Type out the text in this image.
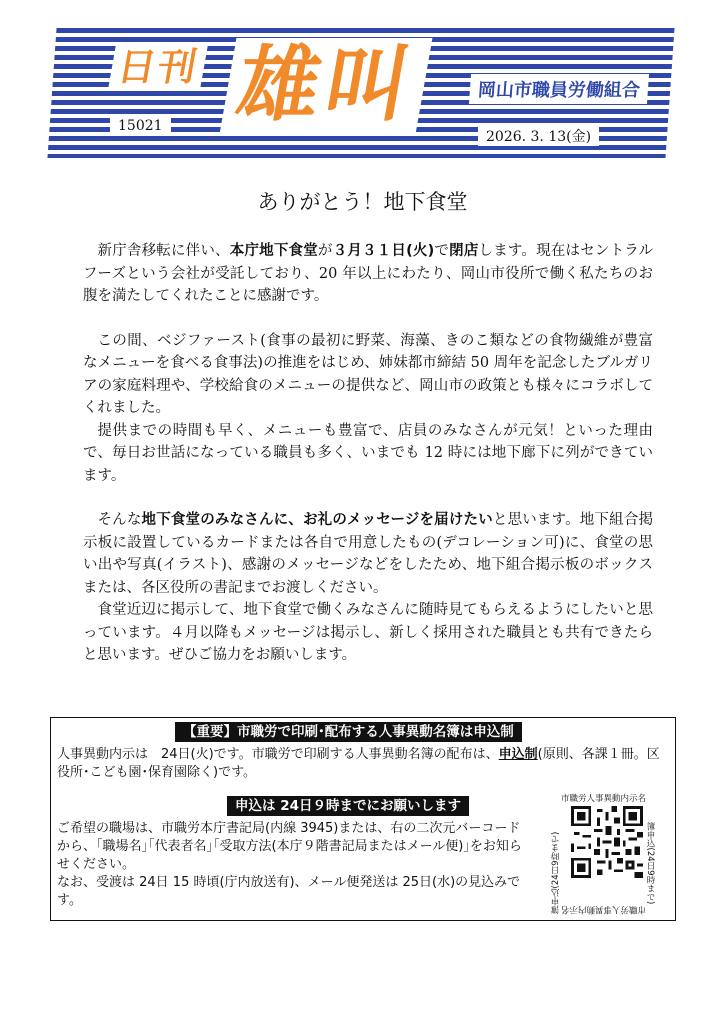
日刊 雄叫	岡山市職員労働組合
15021
2026. 3. 13(金)
ありがとう！地下食堂

新庁舎移転に伴い、本庁地下食堂が３月３１日(火)で閉店します。現在はセントラルフーズという会社が受託しており、20 年以上にわたり、岡山市役所で働く私たちのお腹を満たしてくれたことに感謝です。

この間、ベジファースト(食事の最初に野菜、海藻、きのこ類などの食物繊維が豊富なメニューを食べる食事法)の推進をはじめ、姉妹都市締結 50 周年を記念したブルガリアの家庭料理や、学校給食のメニューの提供など、岡山市の政策とも様々にコラボしてくれました。

提供までの時間も早く、メニューも豊富で、店員のみなさんが元気！といった理由で、毎日お世話になっている職員も多く、いまでも 12 時には地下廊下に列ができています。

そんな地下食堂のみなさんに、お礼のメッセージを届けたいと思います。地下組合掲示板に設置しているカードまたは各自で用意したもの(デコレーション可)に、食堂の思い出や写真(イラスト)、感謝のメッセージなどをしたため、地下組合掲示板のボックスまたは、各区役所の書記までお渡しください。

食堂近辺に掲示して、地下食堂で働くみなさんに随時見てもらえるようにしたいと思っています。４月以降もメッセージは掲示し、新しく採用された職員とも共有できたらと思います。ぜひご協力をお願いします。

【重要】市職労で印刷･配布する人事異動名簿は申込制
人事異動内示は　24日(火)です。市職労で印刷する人事異動名簿の配布は、申込制(原則、各課１冊。区役所･こども園･保育園除く)です。
申込は 24日９時までにお願いします
ご希望の職場は、市職労本庁書記局(内線 3945)または、右の二次元バーコードから、｢職場名｣｢代表者名｣｢受取方法(本庁９階書記局またはメール便)｣をお知らせください。
なお、受渡は 24日 15 時頃(庁内放送有)、メール便発送は 25日(水)の見込みです。
市職労人事異動内示名
市職労人事異動内示名
簿申込(24日9時まで)
簿申込(24日9時まで)
